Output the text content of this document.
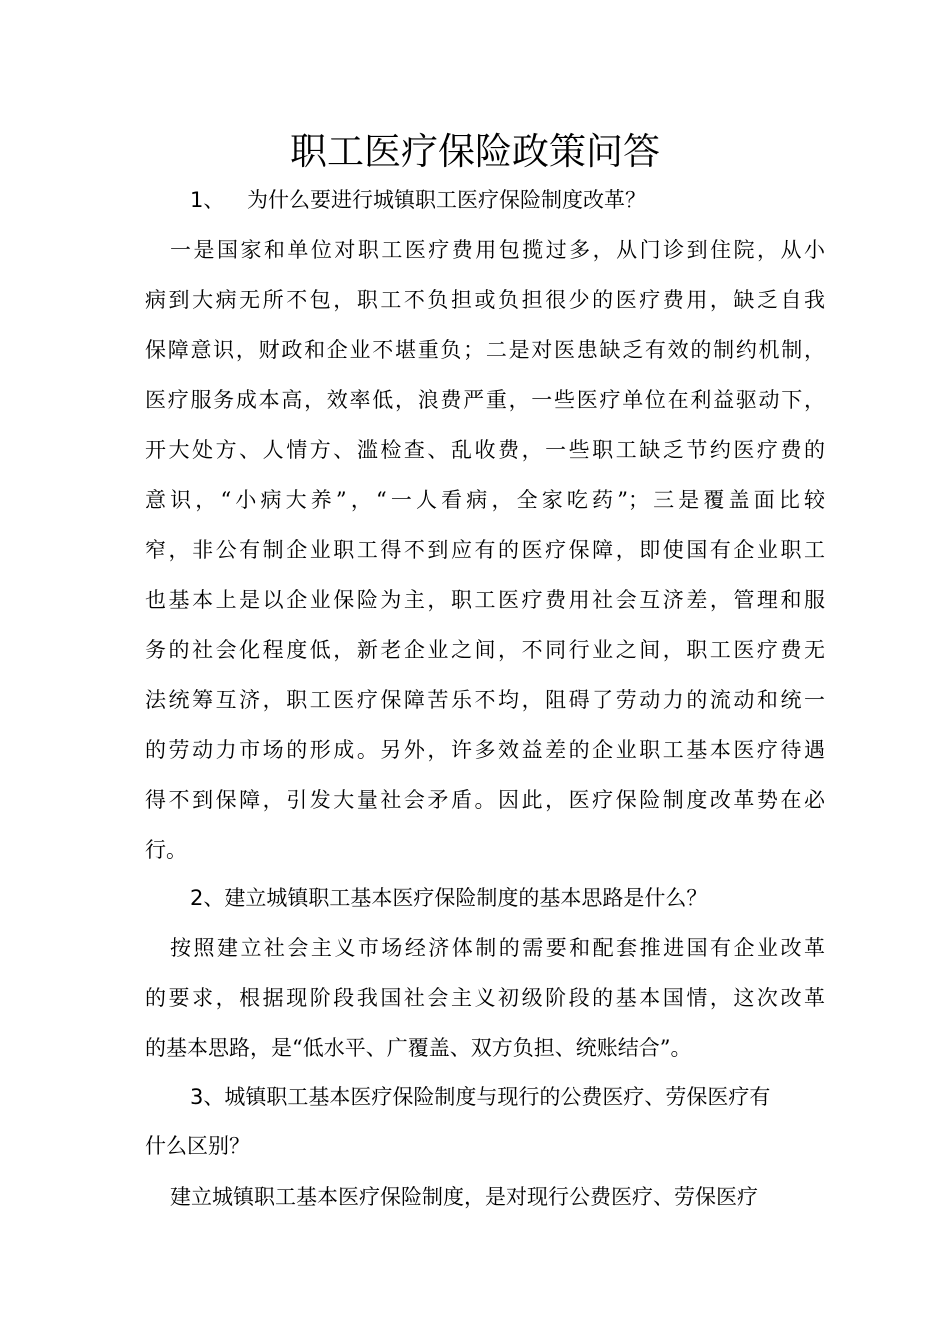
职工医疗保险政策问答
1、 为什么要进行城镇职工医疗保险制度改革？
一是国家和单位对职工医疗费用包揽过多，从门诊到住院，从小
病到大病无所不包，职工不负担或负担很少的医疗费用，缺乏自我
保障意识，财政和企业不堪重负；二是对医患缺乏有效的制约机制，
医疗服务成本高，效率低，浪费严重，一些医疗单位在利益驱动下，
开大处方、人情方、滥检查、乱收费，一些职工缺乏节约医疗费的
意识，“小病大养”，“一人看病，全家吃药”；三是覆盖面比较
窄，非公有制企业职工得不到应有的医疗保障，即使国有企业职工
也基本上是以企业保险为主，职工医疗费用社会互济差，管理和服
务的社会化程度低，新老企业之间，不同行业之间，职工医疗费无
法统筹互济，职工医疗保障苦乐不均，阻碍了劳动力的流动和统一
的劳动力市场的形成。另外，许多效益差的企业职工基本医疗待遇
得不到保障，引发大量社会矛盾。因此，医疗保险制度改革势在必
行。
2、建立城镇职工基本医疗保险制度的基本思路是什么？
按照建立社会主义市场经济体制的需要和配套推进国有企业改革
的要求，根据现阶段我国社会主义初级阶段的基本国情，这次改革
的基本思路，是“低水平、广覆盖、双方负担、统账结合”。
3、城镇职工基本医疗保险制度与现行的公费医疗、劳保医疗有
什么区别？
建立城镇职工基本医疗保险制度，是对现行公费医疗、劳保医疗
